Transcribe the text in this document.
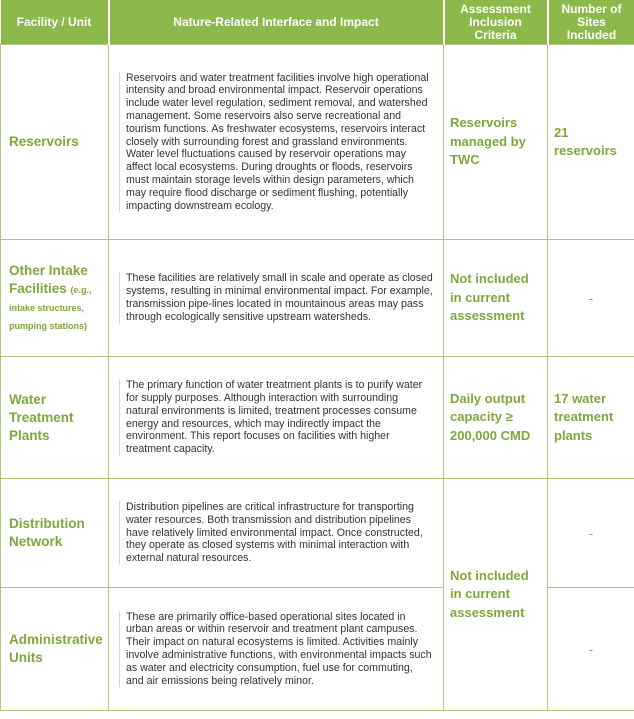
Facility / Unit	Nature-Related Interface and Impact	Assessment Inclusion Criteria	Number of Sites Included
Reservoirs	Reservoirs and water treatment facilities involve high operational intensity and broad environmental impact. Reservoir operations include water level regulation, sediment removal, and watershed management. Some reservoirs also serve recreational and tourism functions. As freshwater ecosystems, reservoirs interact closely with surrounding forest and grassland environments. Water level fluctuations caused by reservoir operations may affect local ecosystems. During droughts or floods, reservoirs must maintain storage levels within design parameters, which may require flood discharge or sediment flushing, potentially impacting downstream ecology.	Reservoirs managed by TWC	21 reservoirs
Other Intake Facilities (e.g., intake structures, pumping stations)	These facilities are relatively small in scale and operate as closed systems, resulting in minimal environmental impact. For example, transmission pipe-lines located in mountainous areas may pass through ecologically sensitive upstream watersheds.	Not included in current assessment	-
Water Treatment Plants	The primary function of water treatment plants is to purify water for supply purposes. Although interaction with surrounding natural environments is limited, treatment processes consume energy and resources, which may indirectly impact the environment. This report focuses on facilities with higher treatment capacity.	Daily output capacity ≥ 200,000 CMD	17 water treatment plants
Distribution Network	Distribution pipelines are critical infrastructure for transporting water resources. Both transmission and distribution pipelines have relatively limited environmental impact. Once constructed, they operate as closed systems with minimal interaction with external natural resources.	Not included in current assessment	-
Administrative Units	These are primarily office-based operational sites located in urban areas or within reservoir and treatment plant campuses. Their impact on natural ecosystems is limited. Activities mainly involve administrative functions, with environmental impacts such as water and electricity consumption, fuel use for commuting, and air emissions being relatively minor.		-
